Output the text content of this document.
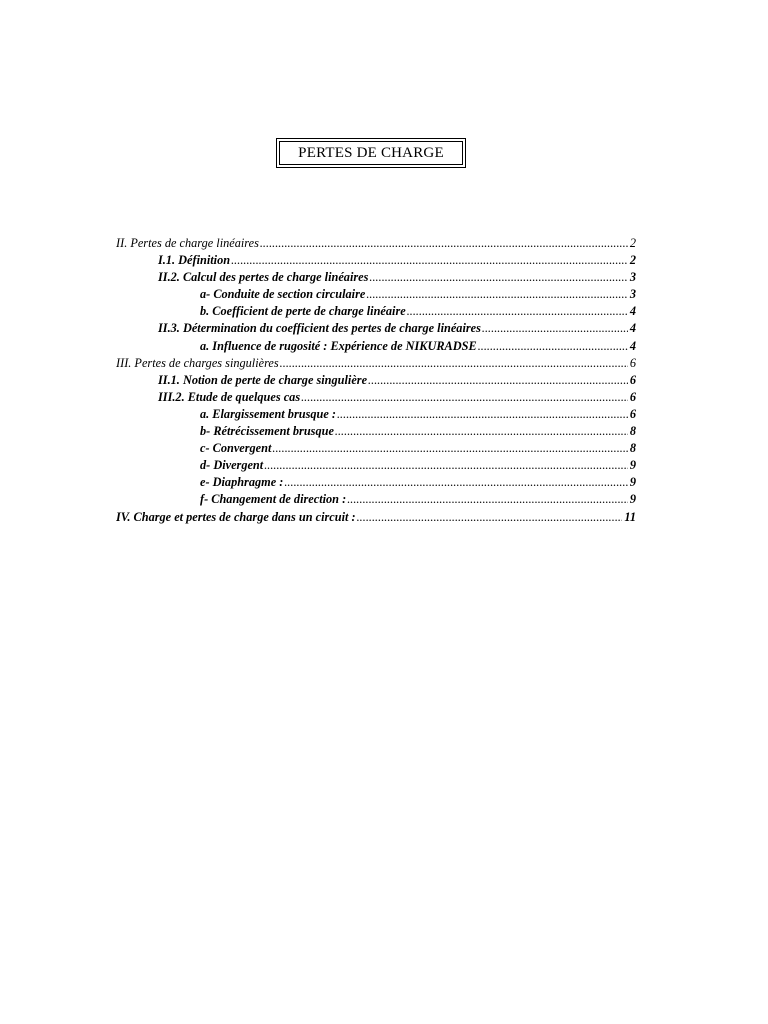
PERTES DE CHARGE
II. Pertes de charge linéaires .....	2
I.1. Définition .....	2
II.2. Calcul des pertes de charge linéaires .....	3
a- Conduite de section circulaire .....	3
b. Coefficient de perte de charge linéaire .....	4
II.3. Détermination du coefficient des pertes de charge linéaires .....	4
a. Influence de rugosité : Expérience de NIKURADSE .....	4
III. Pertes de charges singulières .....	6
II.1. Notion de perte de charge singulière .....	6
III.2. Etude de quelques cas .....	6
a. Elargissement brusque : .....	6
b- Rétrécissement brusque .....	8
c- Convergent .....	8
d- Divergent .....	9
e- Diaphragme : .....	9
f- Changement de direction : .....	9
IV. Charge et pertes de charge dans un circuit : .....	11
